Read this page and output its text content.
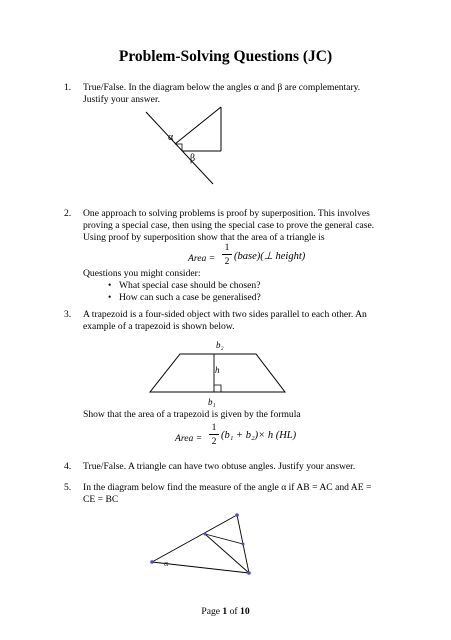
Problem-Solving Questions (JC)
1. True/False. In the diagram below the angles α and β are complementary.
Justify your answer.
α
β
2. One approach to solving problems is proof by superposition. This involves
proving a special case, then using the special case to prove the general case.
Using proof by superposition show that the area of a triangle is
Area =
1
2 (base)(⊥ height)
Questions you might consider:
• What special case should be chosen?
• How can such a case be generalised?
3. A trapezoid is a four-sided object with two sides parallel to each other. An
example of a trapezoid is shown below.
b₂
h
b₁
Show that the area of a trapezoid is given by the formula
Area =
1
2
(b₁ + b₂)× h (HL)
4. True/False. A triangle can have two obtuse angles. Justify your answer.
5. In the diagram below find the measure of the angle α if AB = AC and AE =
CE = BC
α
Page 1 of 10
